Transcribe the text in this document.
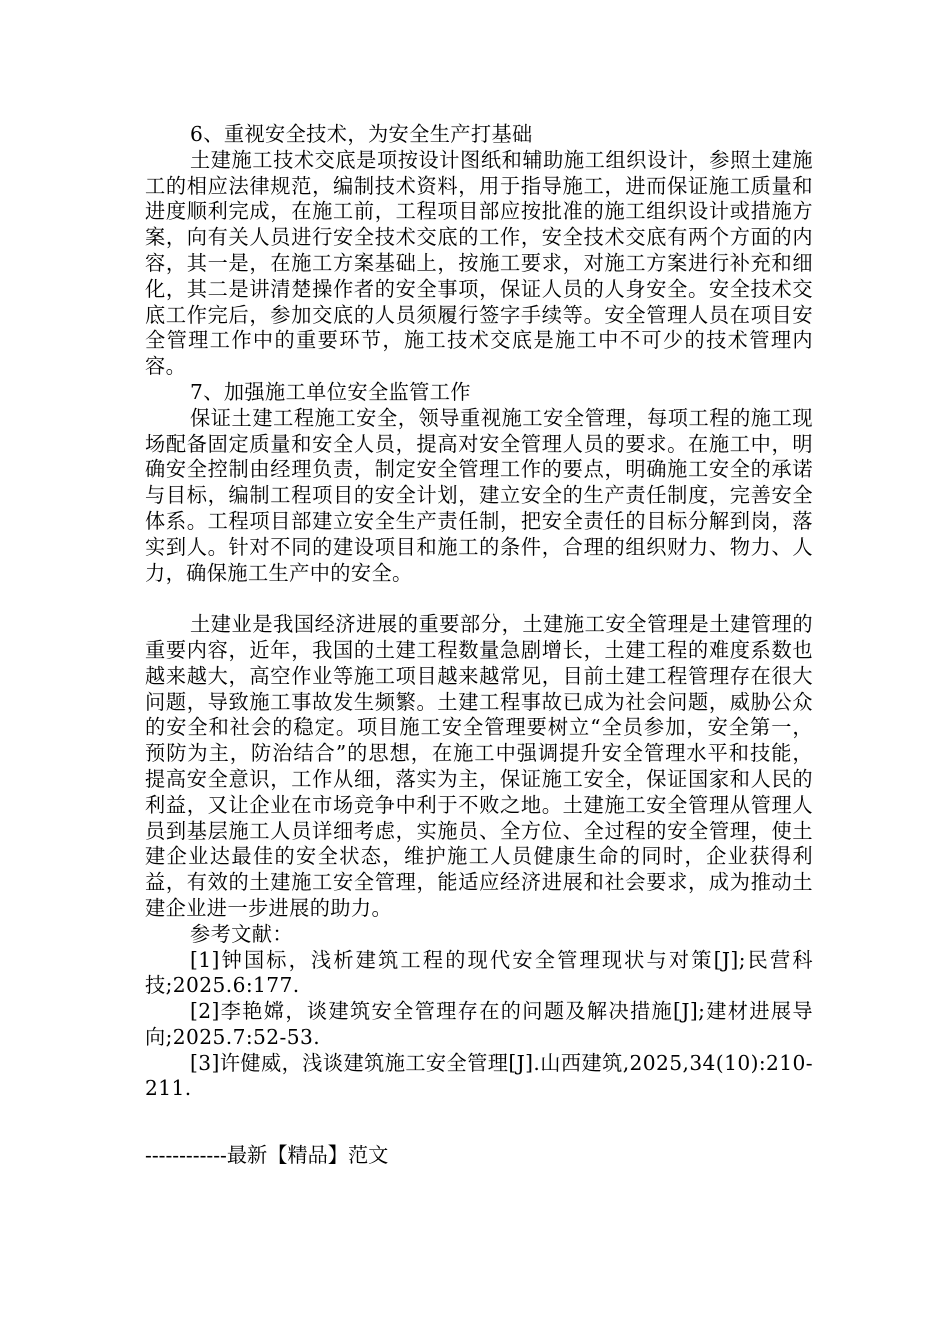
6、重视安全技术，为安全生产打基础

土建施工技术交底是项按设计图纸和辅助施工组织设计，参照土建施工的相应法律规范，编制技术资料，用于指导施工，进而保证施工质量和进度顺利完成，在施工前，工程项目部应按批准的施工组织设计或措施方案，向有关人员进行安全技术交底的工作，安全技术交底有两个方面的内容，其一是，在施工方案基础上，按施工要求，对施工方案进行补充和细化，其二是讲清楚操作者的安全事项，保证人员的人身安全。安全技术交底工作完后，参加交底的人员须履行签字手续等。安全管理人员在项目安全管理工作中的重要环节，施工技术交底是施工中不可少的技术管理内容。

7、加强施工单位安全监管工作

保证土建工程施工安全，领导重视施工安全管理，每项工程的施工现场配备固定质量和安全人员，提高对安全管理人员的要求。在施工中，明确安全控制由经理负责，制定安全管理工作的要点，明确施工安全的承诺与目标，编制工程项目的安全计划，建立安全的生产责任制度，完善安全体系。工程项目部建立安全生产责任制，把安全责任的目标分解到岗，落实到人。针对不同的建设项目和施工的条件，合理的组织财力、物力、人力，确保施工生产中的安全。

土建业是我国经济进展的重要部分，土建施工安全管理是土建管理的重要内容，近年，我国的土建工程数量急剧增长，土建工程的难度系数也越来越大，高空作业等施工项目越来越常见，目前土建工程管理存在很大问题，导致施工事故发生频繁。土建工程事故已成为社会问题，威胁公众的安全和社会的稳定。项目施工安全管理要树立“全员参加，安全第一，预防为主，防治结合”的思想，在施工中强调提升安全管理水平和技能，提高安全意识，工作从细，落实为主，保证施工安全，保证国家和人民的利益，又让企业在市场竞争中利于不败之地。土建施工安全管理从管理人员到基层施工人员详细考虑，实施员、全方位、全过程的安全管理，使土建企业达最佳的安全状态，维护施工人员健康生命的同时，企业获得利益，有效的土建施工安全管理，能适应经济进展和社会要求，成为推动土建企业进一步进展的助力。

参考文献：

[1]钟国标，浅析建筑工程的现代安全管理现状与对策[J];民营科技;2025.6:177.

[2]李艳嫦，谈建筑安全管理存在的问题及解决措施[J];建材进展导向;2025.7:52-53.

[3]许健威，浅谈建筑施工安全管理[J].山西建筑,2025,34(10):210-211.

------------最新【精品】范文
